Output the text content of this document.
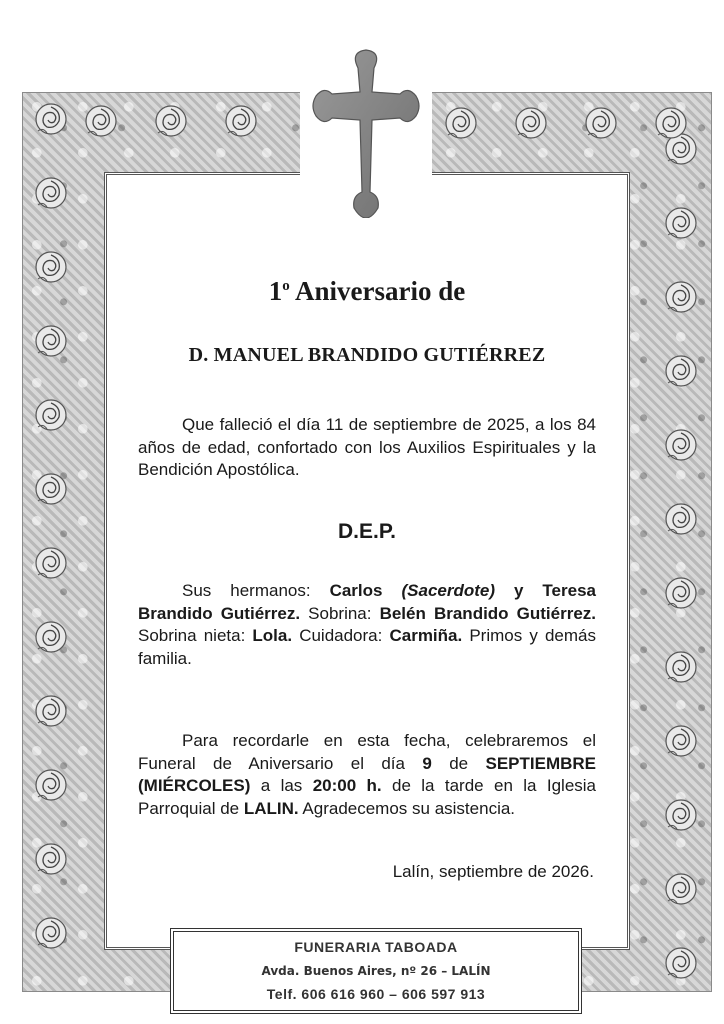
1$^o$ Aniversario de
D. MANUEL BRANDIDO GUTIÉRREZ

Que falleció el día 11 de septiembre de 2025, a los 84 años de edad, confortado con los Auxilios Espirituales y la Bendición Apostólica.

D.E.P.

Sus hermanos: Carlos (Sacerdote) y Teresa Brandido Gutiérrez. Sobrina: Belén Brandido Gutiérrez. Sobrina nieta: Lola. Cuidadora: Carmiña. Primos y demás familia.

Para recordarle en esta fecha, celebraremos el Funeral de Aniversario el día 9 de SEPTIEMBRE (MIÉRCOLES) a las 20:00 h. de la tarde en la Iglesia Parroquial de LALIN. Agradecemos su asistencia.

Lalín, septiembre de 2026.

FUNERARIA TABOADA
Avda. Buenos Aires, nº 26 – LALÍN
Telf. 606 616 960 – 606 597 913
